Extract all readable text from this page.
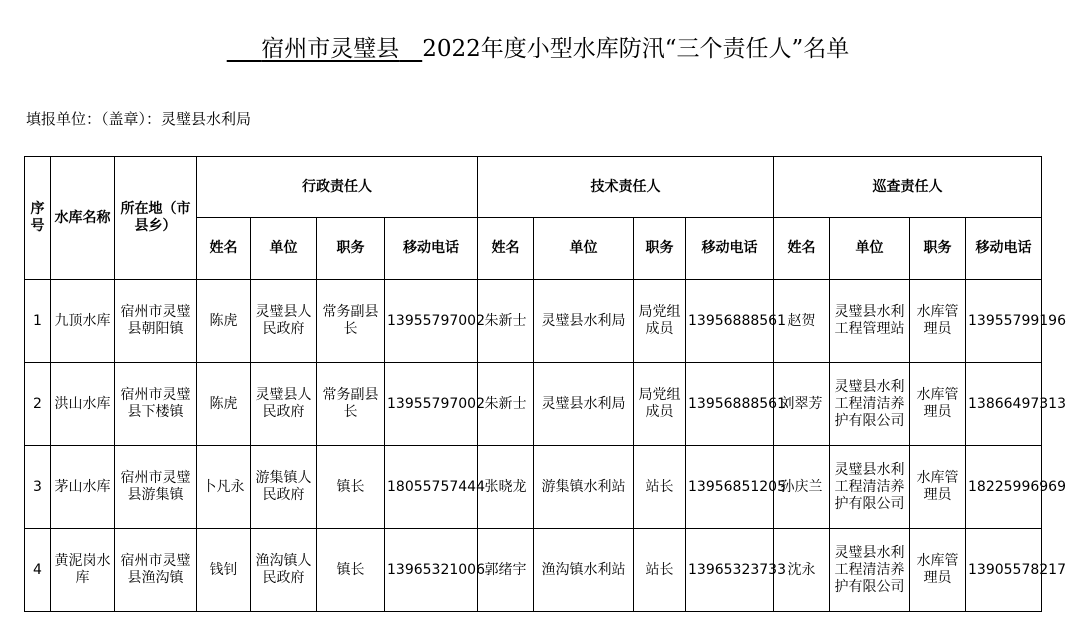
   宿州市灵璧县   2022年度小型水库防汛“三个责任人”名单
填报单位：（盖章）：灵璧县水利局
序号	水库名称	所在地（市县乡）	行政责任人				技术责任人				巡查责任人			
			姓名	单位	职务	移动电话	姓名	单位	职务	移动电话	姓名	单位	职务	移动电话
1	九顶水库	宿州市灵璧县朝阳镇	陈虎	灵璧县人民政府	常务副县长	13955797002	朱新士	灵璧县水利局	局党组成员	13956888561	赵贺	灵璧县水利工程管理站	水库管理员	13955799196
2	洪山水库	宿州市灵璧县下楼镇	陈虎	灵璧县人民政府	常务副县长	13955797002	朱新士	灵璧县水利局	局党组成员	13956888561	刘翠芳	灵璧县水利工程清洁养护有限公司	水库管理员	13866497313
3	茅山水库	宿州市灵璧县游集镇	卜凡永	游集镇人民政府	镇长	18055757444	张晓龙	游集镇水利站	站长	13956851205	孙庆兰	灵璧县水利工程清洁养护有限公司	水库管理员	18225996969
4	黄泥岗水库	宿州市灵璧县渔沟镇	钱钊	渔沟镇人民政府	镇长	13965321006	郭绪宇	渔沟镇水利站	站长	13965323733	沈永	灵璧县水利工程清洁养护有限公司	水库管理员	13905578217
